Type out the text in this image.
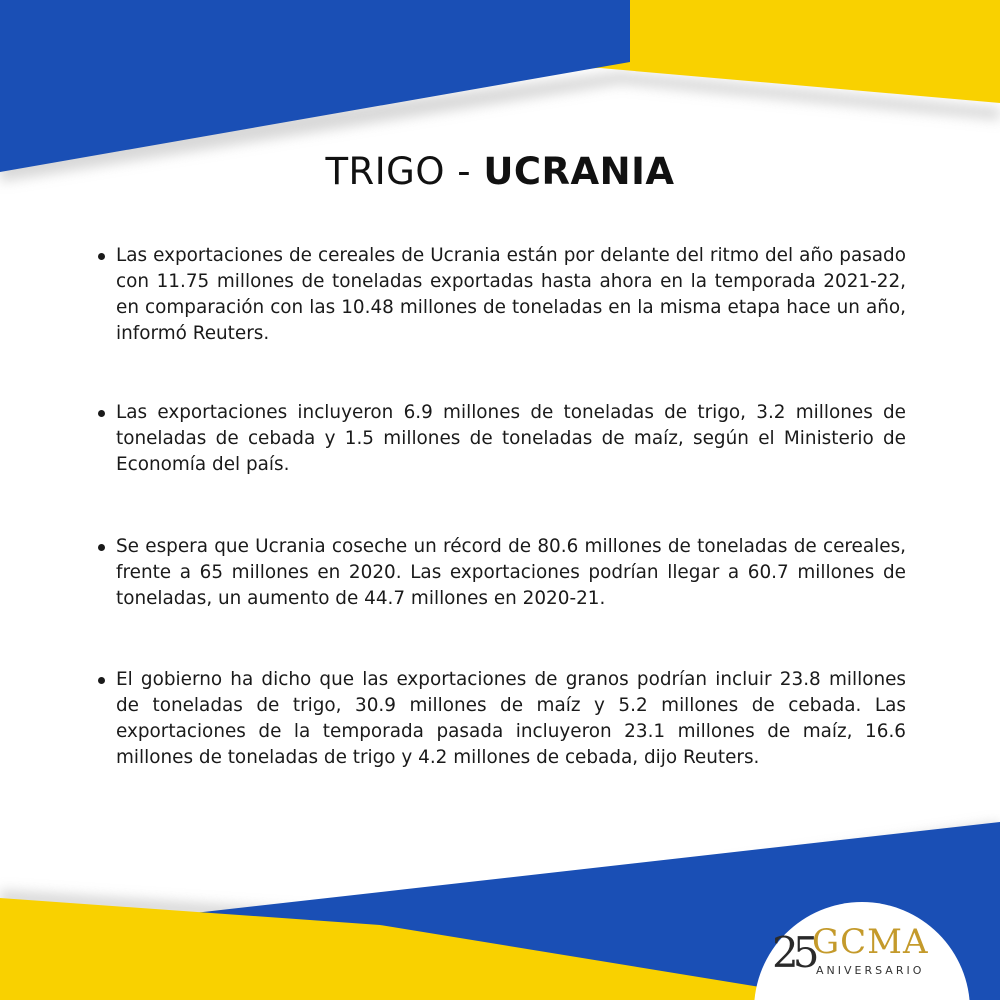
TRIGO - UCRANIA
Las exportaciones de cereales de Ucrania están por delante del ritmo del año pasado con 11.75 millones de toneladas exportadas hasta ahora en la temporada 2021-22, en comparación con las 10.48 millones de toneladas en la misma etapa hace un año, informó Reuters.
Las exportaciones incluyeron 6.9 millones de toneladas de trigo, 3.2 millones de toneladas de cebada y 1.5 millones de toneladas de maíz, según el Ministerio de Economía del país.
Se espera que Ucrania coseche un récord de 80.6 millones de toneladas de cereales, frente a 65 millones en 2020. Las exportaciones podrían llegar a 60.7 millones de toneladas, un aumento de 44.7 millones en 2020-21.
El gobierno ha dicho que las exportaciones de granos podrían incluir 23.8 millones de toneladas de trigo, 30.9 millones de maíz y 5.2 millones de cebada. Las exportaciones de la temporada pasada incluyeron 23.1 millones de maíz, 16.6 millones de toneladas de trigo y 4.2 millones de cebada, dijo Reuters.
25
GCMA
ANIVERSARIO
